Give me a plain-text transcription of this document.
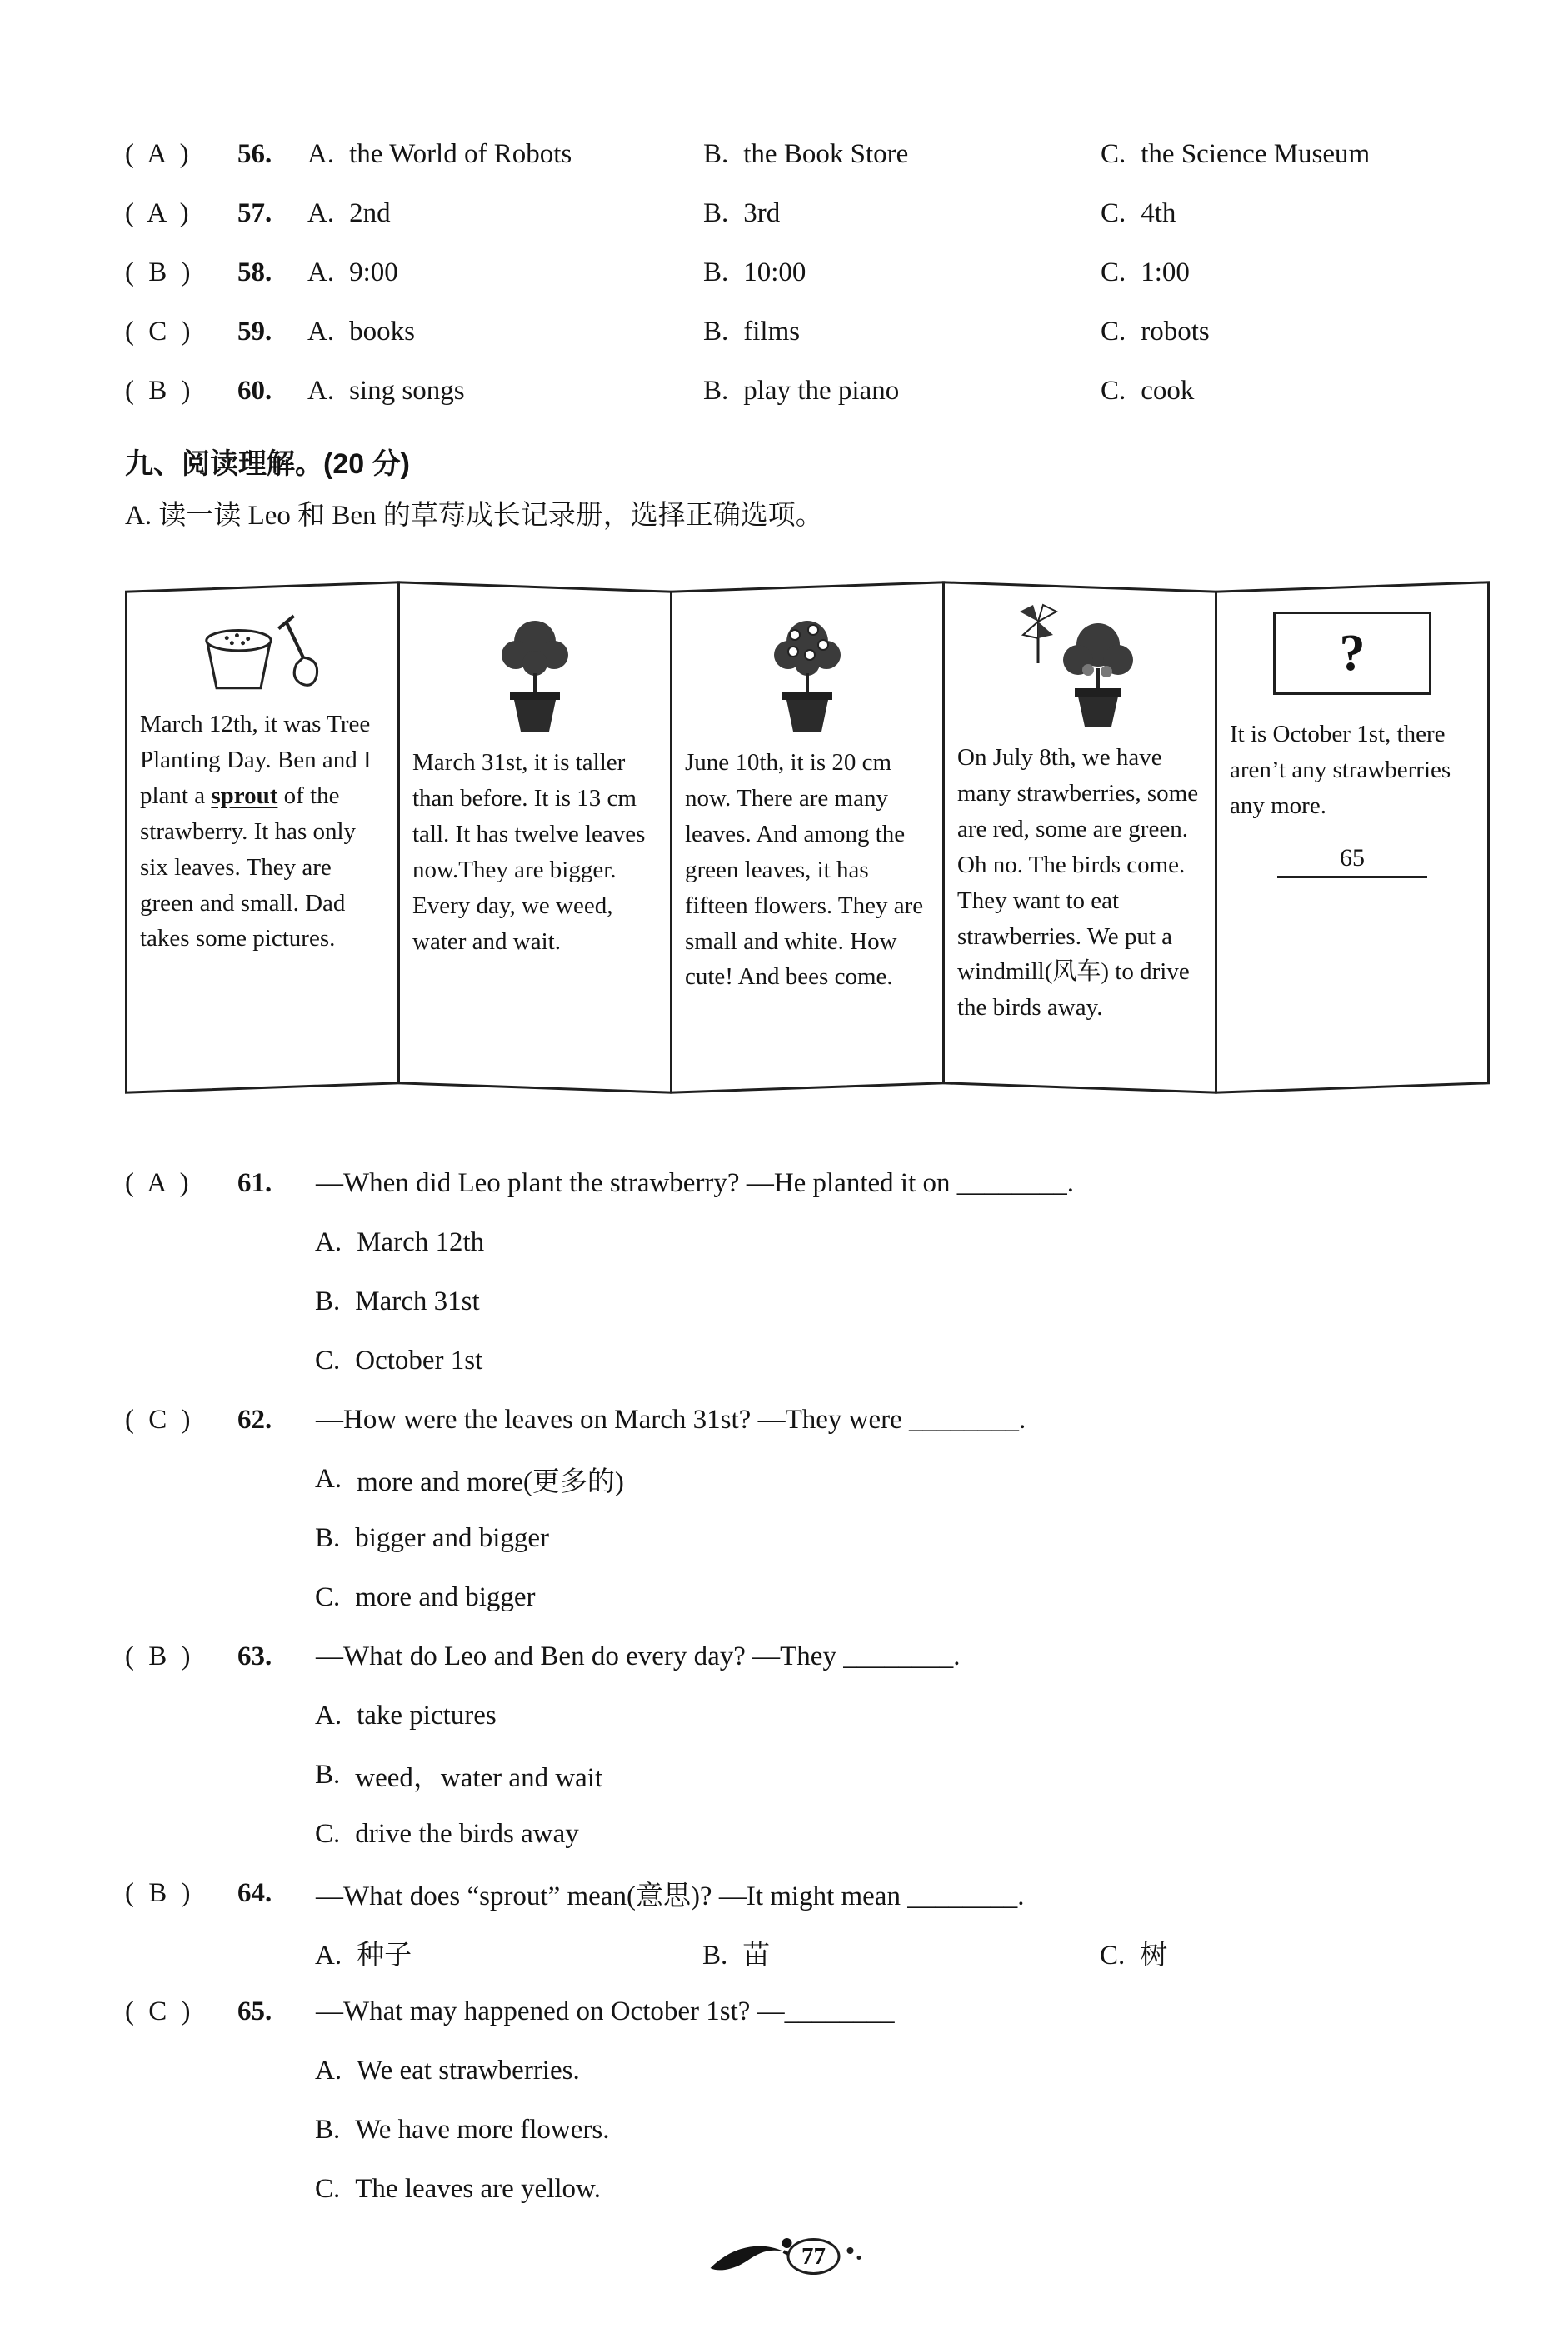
( A )	56.	A. the World of Robots	B. the Book Store	C. the Science Museum
( A )	57.	A. 2nd	B. 3rd	C. 4th
( B )	58.	A. 9:00	B. 10:00	C. 1:00
( C )	59.	A. books	B. films	C. robots
( B )	60.	A. sing songs	B. play the piano	C. cook
九、阅读理解。(20 分)
A. 读一读 Leo 和 Ben 的草莓成长记录册，选择正确选项。

March 12th, it was Tree Planting Day. Ben and I plant a sprout of the strawberry. It has only six leaves. They are green and small. Dad takes some pictures.

March 31st, it is taller than before. It is 13 cm tall. It has twelve leaves now.They are bigger. Every day, we weed, water and wait.

June 10th, it is 20 cm now. There are many leaves. And among the green leaves, it has fifteen flowers. They are small and white. How cute! And bees come.

On July 8th, we have many strawberries, some are red, some are green. Oh no. The birds come. They want to eat strawberries. We put a windmill(风车) to drive the birds away.

?

It is October 1st, there aren’t any strawberries any more.

65
( A )	61.	—When did Leo plant the strawberry? —He planted it on ________.
A. March 12th
B. March 31st
C. October 1st
( C )	62.	—How were the leaves on March 31st? —They were ________.
A. more and more(更多的)
B. bigger and bigger
C. more and bigger
( B )	63.	—What do Leo and Ben do every day? —They ________.
A. take pictures
B. weed，water and wait
C. drive the birds away
( B )	64.	—What does “sprout” mean(意思)? —It might mean ________.
A. 种子	B. 苗	C. 树
( C )	65.	—What may happened on October 1st? —________
A. We eat strawberries.
B. We have more flowers.
C. The leaves are yellow.
77
